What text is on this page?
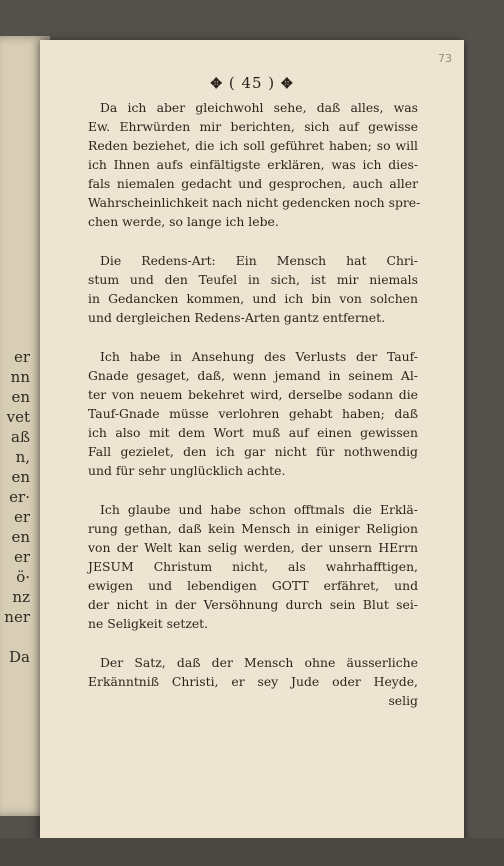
er
nn
en
vet
aß
n,
en
er·
er
en
er
ö·
nz
ner
Da
73
✥ ( 45 ) ✥
Da ich aber gleichwohl sehe, daß alles, was
Ew. Ehrwürden mir berichten, sich auf gewisse
Reden beziehet, die ich soll geführet haben; so will
ich Ihnen aufs einfältigste erklären, was ich dies-
fals niemalen gedacht und gesprochen, auch aller
Wahrscheinlichkeit nach nicht gedencken noch spre-
chen werde, so lange ich lebe.
Die Redens-Art: Ein Mensch hat Chri-
stum und den Teufel in sich, ist mir niemals
in Gedancken kommen, und ich bin von solchen
und dergleichen Redens-Arten gantz entfernet.
Ich habe in Ansehung des Verlusts der Tauf-
Gnade gesaget, daß, wenn jemand in seinem Al-
ter von neuem bekehret wird, derselbe sodann die
Tauf-Gnade müsse verlohren gehabt haben; daß
ich also mit dem Wort muß auf einen gewissen
Fall gezielet, den ich gar nicht für nothwendig
und für sehr unglücklich achte.
Ich glaube und habe schon offtmals die Erklä-
rung gethan, daß kein Mensch in einiger Religion
von der Welt kan selig werden, der unsern HErrn
JESUM Christum nicht, als wahrhafftigen,
ewigen und lebendigen GOTT erfähret, und
der nicht in der Versöhnung durch sein Blut sei-
ne Seligkeit setzet.
Der Satz, daß der Mensch ohne äusserliche
Erkänntniß Christi, er sey Jude oder Heyde,
selig
